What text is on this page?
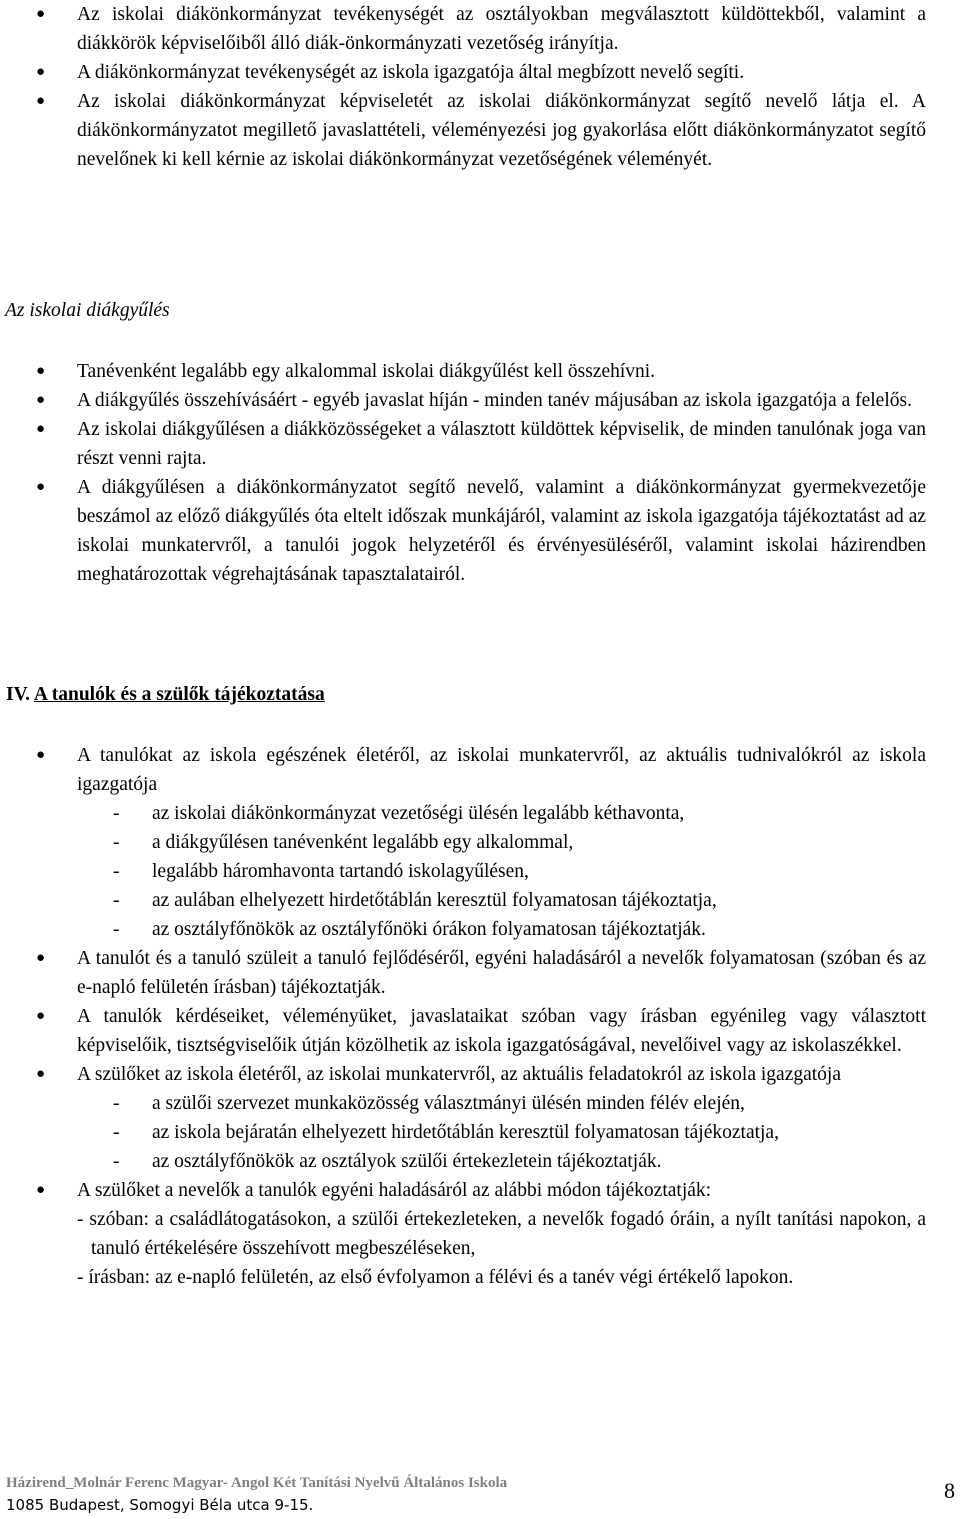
● Az iskolai diákönkormányzat tevékenységét az osztályokban megválasztott küldöttekből, valamint a diákkörök képviselőiből álló diák-önkormányzati vezetőség irányítja.
● A diákönkormányzat tevékenységét az iskola igazgatója által megbízott nevelő segíti.
● Az iskolai diákönkormányzat képviseletét az iskolai diákönkormányzat segítő nevelő látja el. A diákönkormányzatot megillető javaslattételi, véleményezési jog gyakorlása előtt diákönkormányzatot segítő nevelőnek ki kell kérnie az iskolai diákönkormányzat vezetőségének véleményét.
Az iskolai diákgyűlés
● Tanévenként legalább egy alkalommal iskolai diákgyűlést kell összehívni.
● A diákgyűlés összehívásáért - egyéb javaslat híján - minden tanév májusában az iskola igazgatója a felelős.
● Az iskolai diákgyűlésen a diákközösségeket a választott küldöttek képviselik, de minden tanulónak joga van részt venni rajta.
● A diákgyűlésen a diákönkormányzatot segítő nevelő, valamint a diákönkormányzat gyermekvezetője beszámol az előző diákgyűlés óta eltelt időszak munkájáról, valamint az iskola igazgatója tájékoztatást ad az iskolai munkatervről, a tanulói jogok helyzetéről és érvényesüléséről, valamint iskolai házirendben meghatározottak végrehajtásának tapasztalatairól.
IV. A tanulók és a szülők tájékoztatása
● A tanulókat az iskola egészének életéről, az iskolai munkatervről, az aktuális tudnivalókról az iskola igazgatója
- az iskolai diákönkormányzat vezetőségi ülésén legalább kéthavonta,
- a diákgyűlésen tanévenként legalább egy alkalommal,
- legalább háromhavonta tartandó iskolagyűlésen,
- az aulában elhelyezett hirdetőtáblán keresztül folyamatosan tájékoztatja,
- az osztályfőnökök az osztályfőnöki órákon folyamatosan tájékoztatják.
● A tanulót és a tanuló szüleit a tanuló fejlődéséről, egyéni haladásáról a nevelők folyamatosan (szóban és az e-napló felületén írásban) tájékoztatják.
● A tanulók kérdéseiket, véleményüket, javaslataikat szóban vagy írásban egyénileg vagy választott képviselőik, tisztségviselőik útján közölhetik az iskola igazgatóságával, nevelőivel vagy az iskolaszékkel.
● A szülőket az iskola életéről, az iskolai munkatervről, az aktuális feladatokról az iskola igazgatója
- a szülői szervezet munkaközösség választmányi ülésén minden félév elején,
- az iskola bejáratán elhelyezett hirdetőtáblán keresztül folyamatosan tájékoztatja,
- az osztályfőnökök az osztályok szülői értekezletein tájékoztatják.
● A szülőket a nevelők a tanulók egyéni haladásáról az alábbi módon tájékoztatják:
- szóban: a családlátogatásokon, a szülői értekezleteken, a nevelők fogadó óráin, a nyílt tanítási napokon, a tanuló értékelésére összehívott megbeszéléseken,
- írásban: az e-napló felületén, az első évfolyamon a félévi és a tanév végi értékelő lapokon.
Házirend_Molnár Ferenc Magyar- Angol Két Tanítási Nyelvű Általános Iskola
1085 Budapest, Somogyi Béla utca 9-15.
8
